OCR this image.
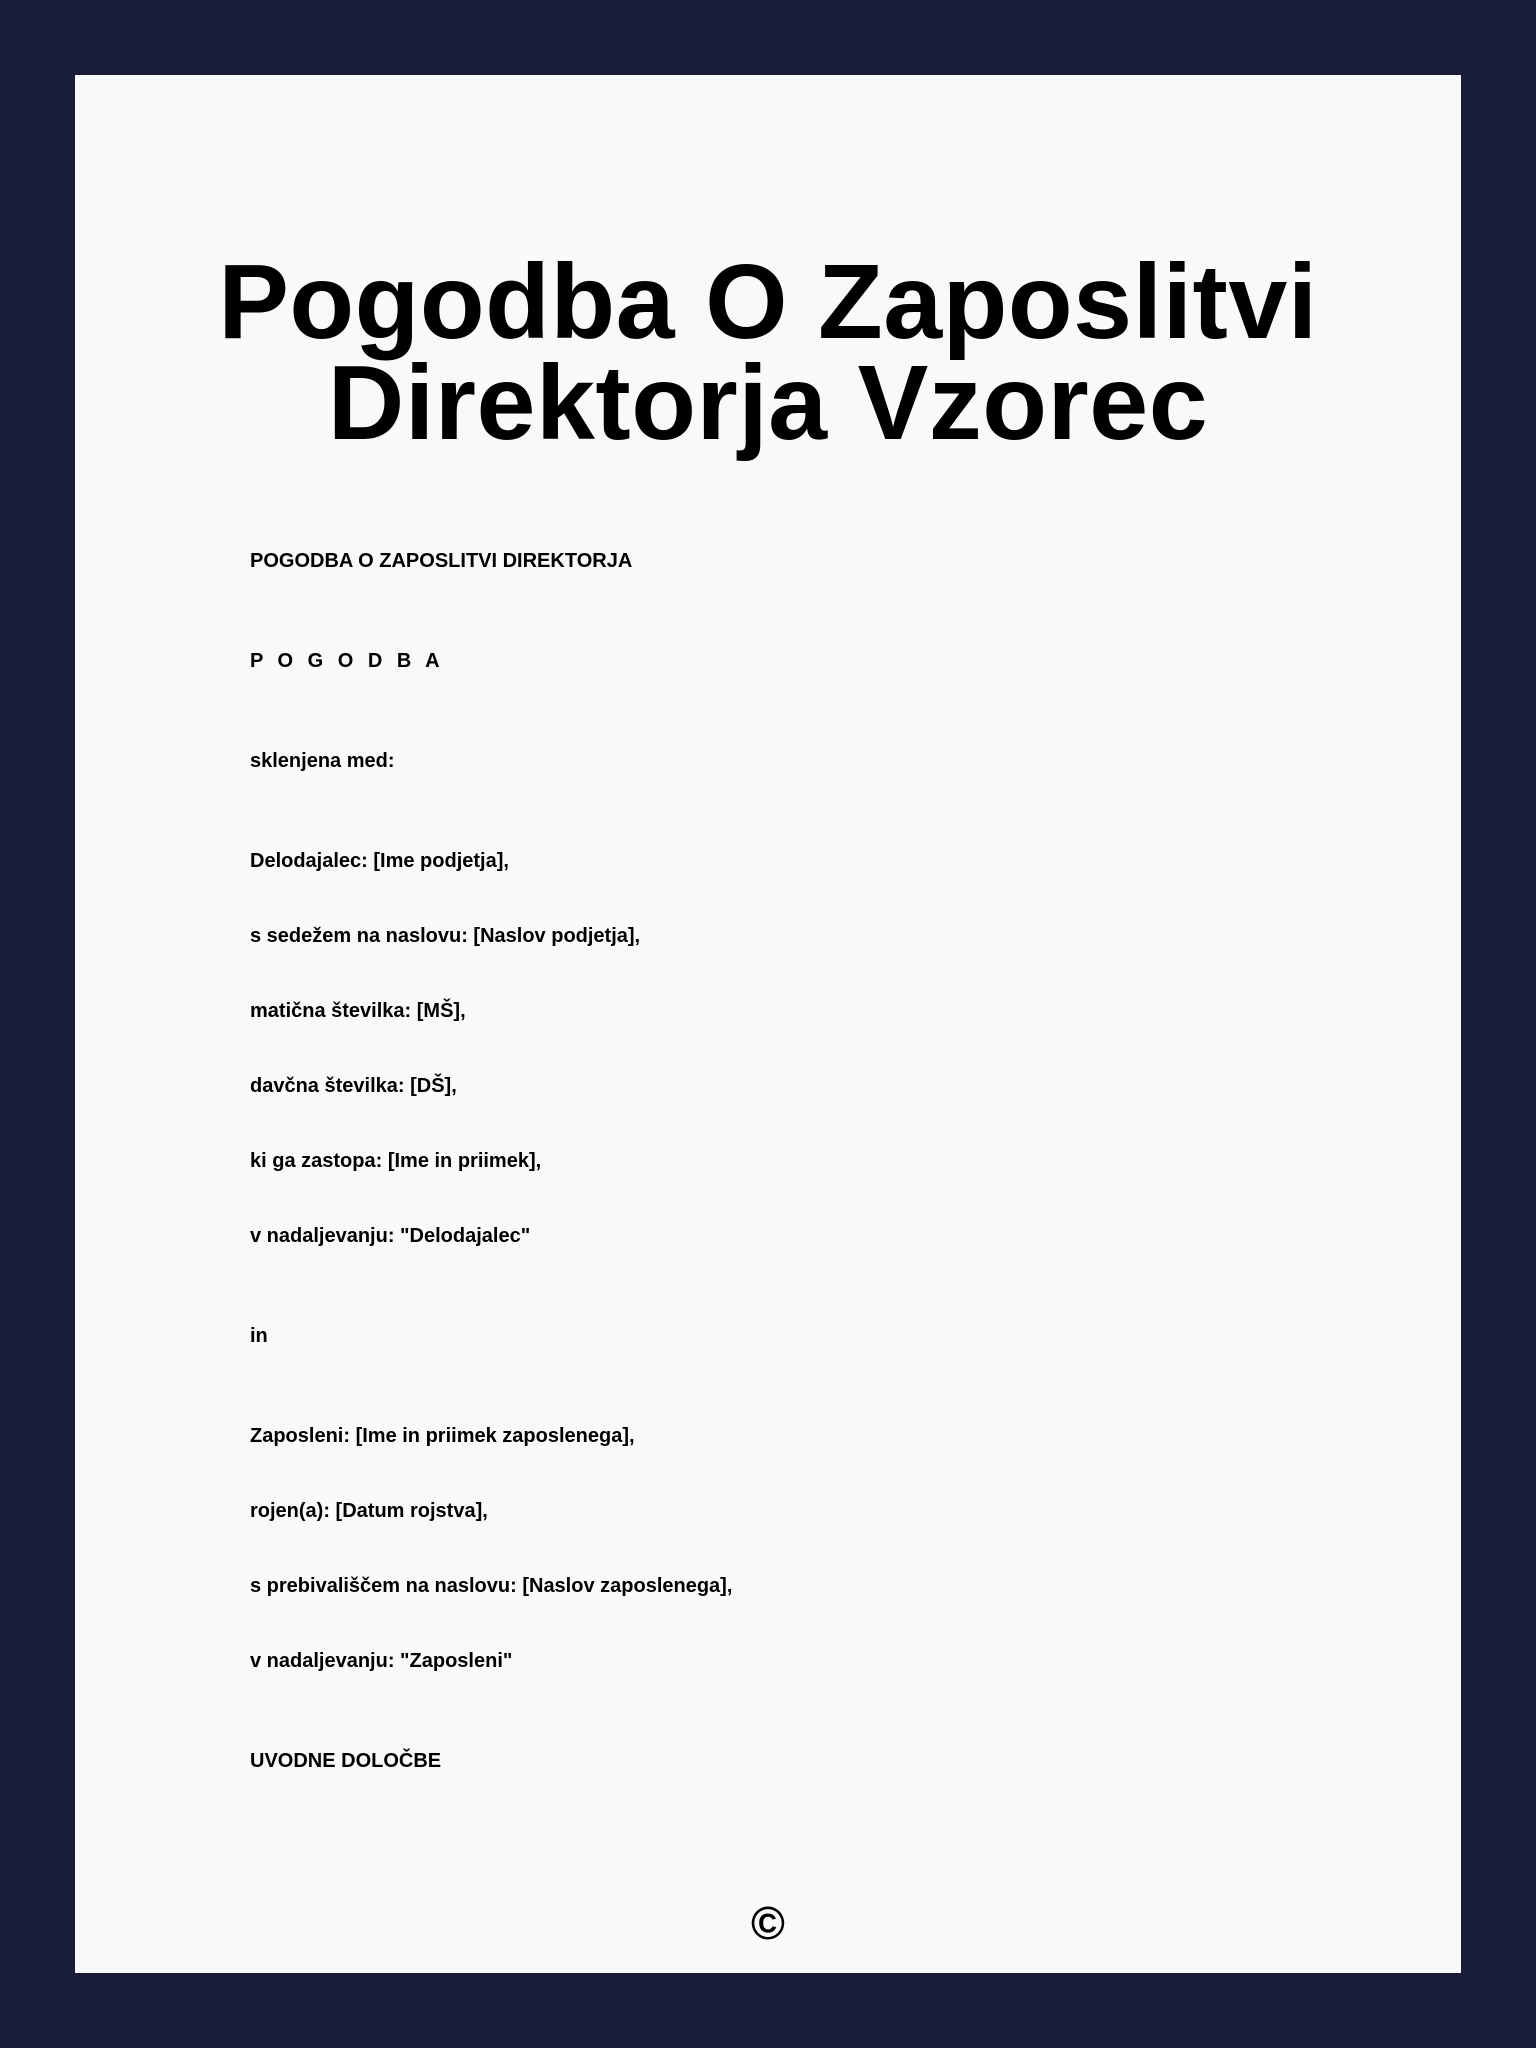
Pogodba O Zaposlitvi
Direktorja Vzorec

POGODBA O ZAPOSLITVI DIREKTORJA

P O G O D B A

sklenjena med:

Delodajalec: [Ime podjetja],

s sedežem na naslovu: [Naslov podjetja],

matična številka: [MŠ],

davčna številka: [DŠ],

ki ga zastopa: [Ime in priimek],

v nadaljevanju: "Delodajalec"

in

Zaposleni: [Ime in priimek zaposlenega],

rojen(a): [Datum rojstva],

s prebivališčem na naslovu: [Naslov zaposlenega],

v nadaljevanju: "Zaposleni"

UVODNE DOLOČBE

©
